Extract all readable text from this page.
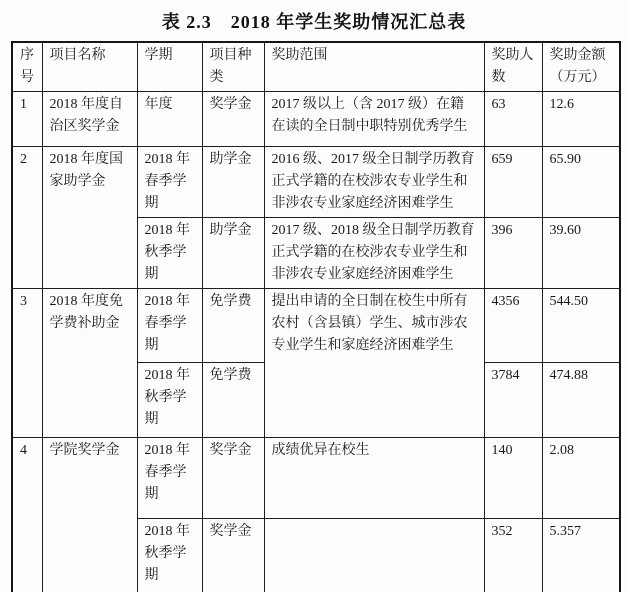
表 2.3　2018 年学生奖助情况汇总表
序号	项目名称	学期	项目种类	奖助范围	奖助人数	奖助金额（万元）
1	2018 年度自治区奖学金	年度	奖学金	2017 级以上（含 2017 级）在籍在读的全日制中职特别优秀学生	63	12.6
2	2018 年度国家助学金	2018 年春季学期	助学金	2016 级、2017 级全日制学历教育正式学籍的在校涉农专业学生和非涉农专业家庭经济困难学生	659	65.90
		2018 年秋季学期	助学金	2017 级、2018 级全日制学历教育正式学籍的在校涉农专业学生和非涉农专业家庭经济困难学生	396	39.60
3	2018 年度免学费补助金	2018 年春季学期	免学费	提出申请的全日制在校生中所有农村（含县镇）学生、城市涉农专业学生和家庭经济困难学生	4356	544.50
		2018 年秋季学期	免学费		3784	474.88
4	学院奖学金	2018 年春季学期	奖学金	成绩优异在校生	140	2.08
		2018 年秋季学期	奖学金		352	5.357
